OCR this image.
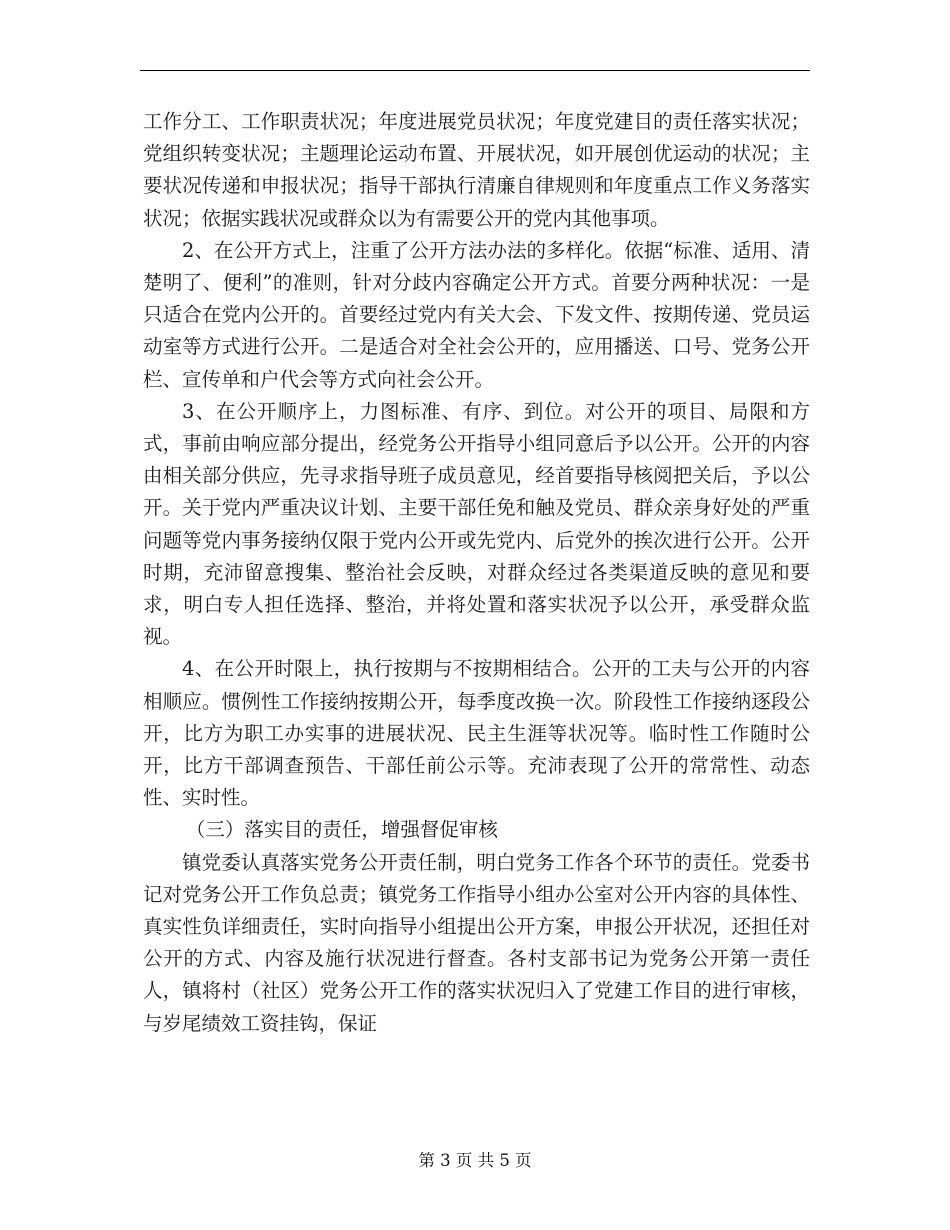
工作分工、工作职责状况；年度进展党员状况；年度党建目的责任落实状况；党组织转变状况；主题理论运动布置、开展状况，如开展创优运动的状况；主要状况传递和申报状况；指导干部执行清廉自律规则和年度重点工作义务落实状况；依据实践状况或群众以为有需要公开的党内其他事项。

2、在公开方式上，注重了公开方法办法的多样化。依据“标准、适用、清楚明了、便利”的准则，针对分歧内容确定公开方式。首要分两种状况：一是只适合在党内公开的。首要经过党内有关大会、下发文件、按期传递、党员运动室等方式进行公开。二是适合对全社会公开的，应用播送、口号、党务公开栏、宣传单和户代会等方式向社会公开。

3、在公开顺序上，力图标准、有序、到位。对公开的项目、局限和方式，事前由响应部分提出，经党务公开指导小组同意后予以公开。公开的内容由相关部分供应，先寻求指导班子成员意见，经首要指导核阅把关后，予以公开。关于党内严重决议计划、主要干部任免和触及党员、群众亲身好处的严重问题等党内事务接纳仅限于党内公开或先党内、后党外的挨次进行公开。公开时期，充沛留意搜集、整治社会反映，对群众经过各类渠道反映的意见和要求，明白专人担任选择、整治，并将处置和落实状况予以公开，承受群众监视。

4、在公开时限上，执行按期与不按期相结合。公开的工夫与公开的内容相顺应。惯例性工作接纳按期公开，每季度改换一次。阶段性工作接纳逐段公开，比方为职工办实事的进展状况、民主生涯等状况等。临时性工作随时公开，比方干部调查预告、干部任前公示等。充沛表现了公开的常常性、动态性、实时性。

（三）落实目的责任，增强督促审核

镇党委认真落实党务公开责任制，明白党务工作各个环节的责任。党委书记对党务公开工作负总责；镇党务工作指导小组办公室对公开内容的具体性、真实性负详细责任，实时向指导小组提出公开方案，申报公开状况，还担任对公开的方式、内容及施行状况进行督查。各村支部书记为党务公开第一责任人，镇将村（社区）党务公开工作的落实状况归入了党建工作目的进行审核，与岁尾绩效工资挂钩，保证

第 3 页 共 5 页
